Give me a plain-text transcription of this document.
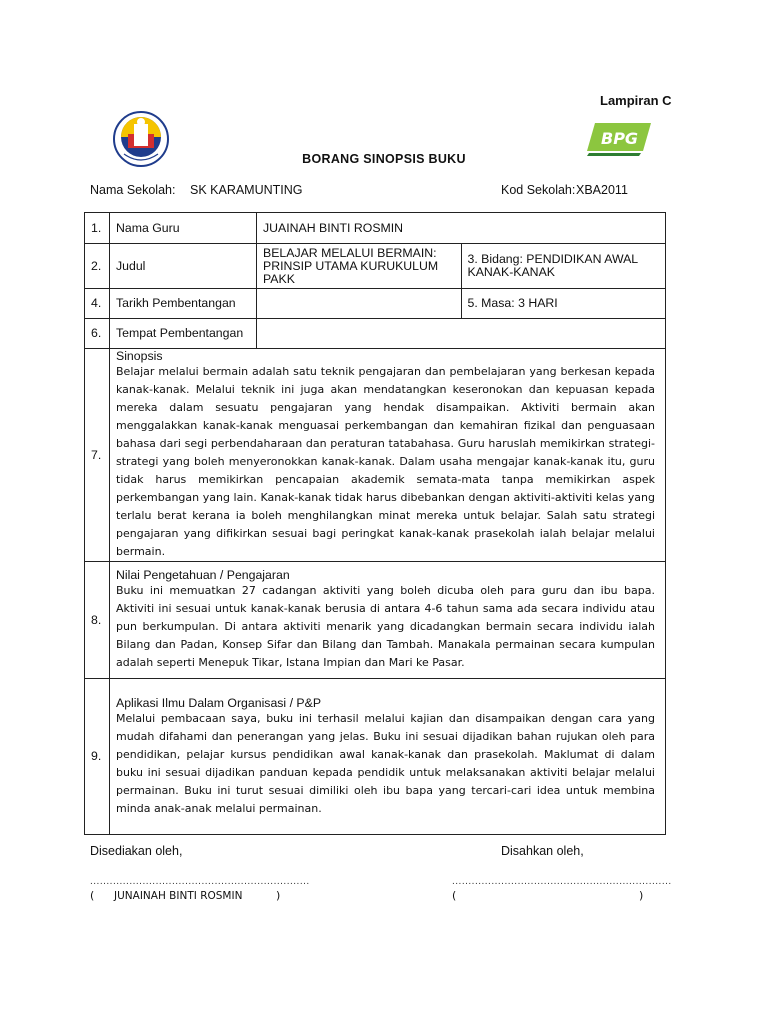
Lampiran C
BPG
BORANG SINOPSIS BUKU
Nama Sekolah: SK KARAMUNTING	Kod Sekolah: XBA2011
1.	Nama Guru	JUAINAH BINTI ROSMIN	
2.	Judul	BELAJAR MELALUI BERMAIN: PRINSIP UTAMA KURUKULUM PAKK	3. Bidang: PENDIDIKAN AWAL KANAK-KANAK
4.	Tarikh Pembentangan		5. Masa: 3 HARI
6.	Tempat Pembentangan		
7.	Sinopsis
Belajar melalui bermain adalah satu teknik pengajaran dan pembelajaran yang berkesan kepada kanak-kanak. Melalui teknik ini juga akan mendatangkan keseronokan dan kepuasan kepada mereka dalam sesuatu pengajaran yang hendak disampaikan. Aktiviti bermain akan menggalakkan kanak-kanak menguasai perkembangan dan kemahiran fizikal dan penguasaan bahasa dari segi perbendaharaan dan peraturan tatabahasa. Guru haruslah memikirkan strategi-strategi yang boleh menyeronokkan kanak-kanak. Dalam usaha mengajar kanak-kanak itu, guru tidak harus memikirkan pencapaian akademik semata-mata tanpa memikirkan aspek perkembangan yang lain. Kanak-kanak tidak harus dibebankan dengan aktiviti-aktiviti kelas yang terlalu berat kerana ia boleh menghilangkan minat mereka untuk belajar. Salah satu strategi pengajaran yang difikirkan sesuai bagi peringkat kanak-kanak prasekolah ialah belajar melalui bermain.		

8.	Nilai Pengetahuan / Pengajaran
Buku ini memuatkan 27 cadangan aktiviti yang boleh dicuba oleh para guru dan ibu bapa. Aktiviti ini sesuai untuk kanak-kanak berusia di antara 4-6 tahun sama ada secara individu atau pun berkumpulan. Di antara aktiviti menarik yang dicadangkan bermain secara individu ialah Bilang dan Padan, Konsep Sifar dan Bilang dan Tambah. Manakala permainan secara kumpulan adalah seperti Menepuk Tikar, Istana Impian dan Mari ke Pasar.		

9.	Aplikasi Ilmu Dalam Organisasi / P&P
Melalui pembacaan saya, buku ini terhasil melalui kajian dan disampaikan dengan cara yang mudah difahami dan penerangan yang jelas. Buku ini sesuai dijadikan bahan rujukan oleh para pendidikan, pelajar kursus pendidikan awal kanak-kanak dan prasekolah. Maklumat di dalam buku ini sesuai dijadikan panduan kepada pendidik untuk melaksanakan aktiviti belajar melalui permainan. Buku ini turut sesuai dimiliki oleh ibu bapa yang tercari-cari idea untuk membina minda anak-anak melalui permainan.		
Disediakan oleh,	Disahkan oleh,
...................................................................	...................................................................
( JUNAINAH BINTI ROSMIN	)	(	)
